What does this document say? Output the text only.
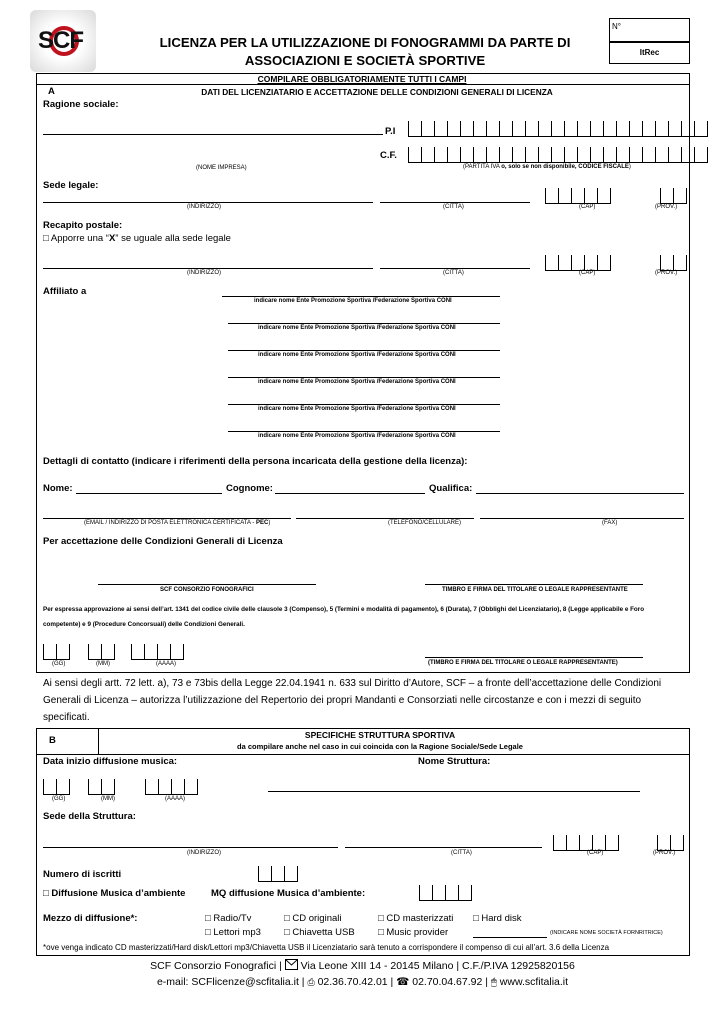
SCF	LICENZA PER LA UTILIZZAZIONE DI FONOGRAMMI DA PARTE DI
ASSOCIAZIONI E SOCIETÀ SPORTIVE
N°
ItRec
A
COMPILARE OBBLIGATORIAMENTE TUTTI I CAMPI
DATI DEL LICENZIATARIO E ACCETTAZIONE DELLE CONDIZIONI GENERALI DI LICENZA
Ragione sociale:
P.I
C.F.
(NOME IMPRESA)	(PARTITA IVA o, solo se non disponibile, CODICE FISCALE)
Sede legale:
(INDIRIZZO)	(CITTA)	(CAP)	(PROV.)
Recapito postale:
□ Apporre una “X” se uguale alla sede legale
(INDIRIZZO)	(CITTA)	(CAP)	(PROV.)
Affiliato a
indicare nome Ente Promozione Sportiva /Federazione Sportiva CONI
indicare nome Ente Promozione Sportiva /Federazione Sportiva CONI
indicare nome Ente Promozione Sportiva /Federazione Sportiva CONI
indicare nome Ente Promozione Sportiva /Federazione Sportiva CONI
indicare nome Ente Promozione Sportiva /Federazione Sportiva CONI
indicare nome Ente Promozione Sportiva /Federazione Sportiva CONI
Dettagli di contatto (indicare i riferimenti della persona incaricata della gestione della licenza):
Nome:	Cognome:	Qualifica:
(EMAIL / INDIRIZZO DI POSTA ELETTRONICA CERTIFICATA - PEC)	(TELEFONO/CELLULARE)	(FAX)
Per accettazione delle Condizioni Generali di Licenza
SCF CONSORZIO FONOGRAFICI	TIMBRO E FIRMA DEL TITOLARE O LEGALE RAPPRESENTANTE
Per espressa approvazione ai sensi dell’art. 1341 del codice civile delle clausole 3 (Compenso), 5 (Termini e modalità di pagamento), 6 (Durata), 7 (Obblighi del Licenziatario), 8 (Legge applicabile e Foro
competente) e 9 (Procedure Concorsuali) delle Condizioni Generali.
(GG)	(MM)	(AAAA)	(TIMBRO E FIRMA DEL TITOLARE O LEGALE RAPPRESENTANTE)
Ai sensi degli artt. 72 lett. a), 73 e 73bis della Legge 22.04.1941 n. 633 sul Diritto d’Autore, SCF – a fronte dell’accettazione delle Condizioni
Generali di Licenza – autorizza l’utilizzazione del Repertorio dei propri Mandanti e Consorziati nelle circostanze e con i mezzi di seguito
specificati.
B	SPECIFICHE STRUTTURA SPORTIVA
da compilare anche nel caso in cui coincida con la Ragione Sociale/Sede Legale
Data inizio diffusione musica:	Nome Struttura:
(GG)	(MM)	(AAAA)
Sede della Struttura:
(INDIRIZZO)	(CITTA)	(CAP)	(PROV.)
Numero di iscritti
□ Diffusione Musica d’ambiente	MQ diffusione Musica d’ambiente:
Mezzo di diffusione*:	□ Radio/Tv	□ CD originali	□ CD masterizzati □ Hard disk
□ Lettori mp3 □ Chiavetta USB □ Music provider	(INDICARE NOME SOCIETÀ FORNRITRICE)
*ove venga indicato CD masterizzati/Hard disk/Lettori mp3/Chiavetta USB il Licenziatario sarà tenuto a corrispondere il compenso di cui all’art. 3.6 della Licenza
SCF Consorzio Fonografici | Via Leone XIII 14 - 20145 Milano | C.F./P.IVA 12925820156
e-mail: SCFlicenze@scfitalia.it | ⎙ 02.36.70.42.01 | ☎ 02.70.04.67.92 | 🖱 www.scfitalia.it
